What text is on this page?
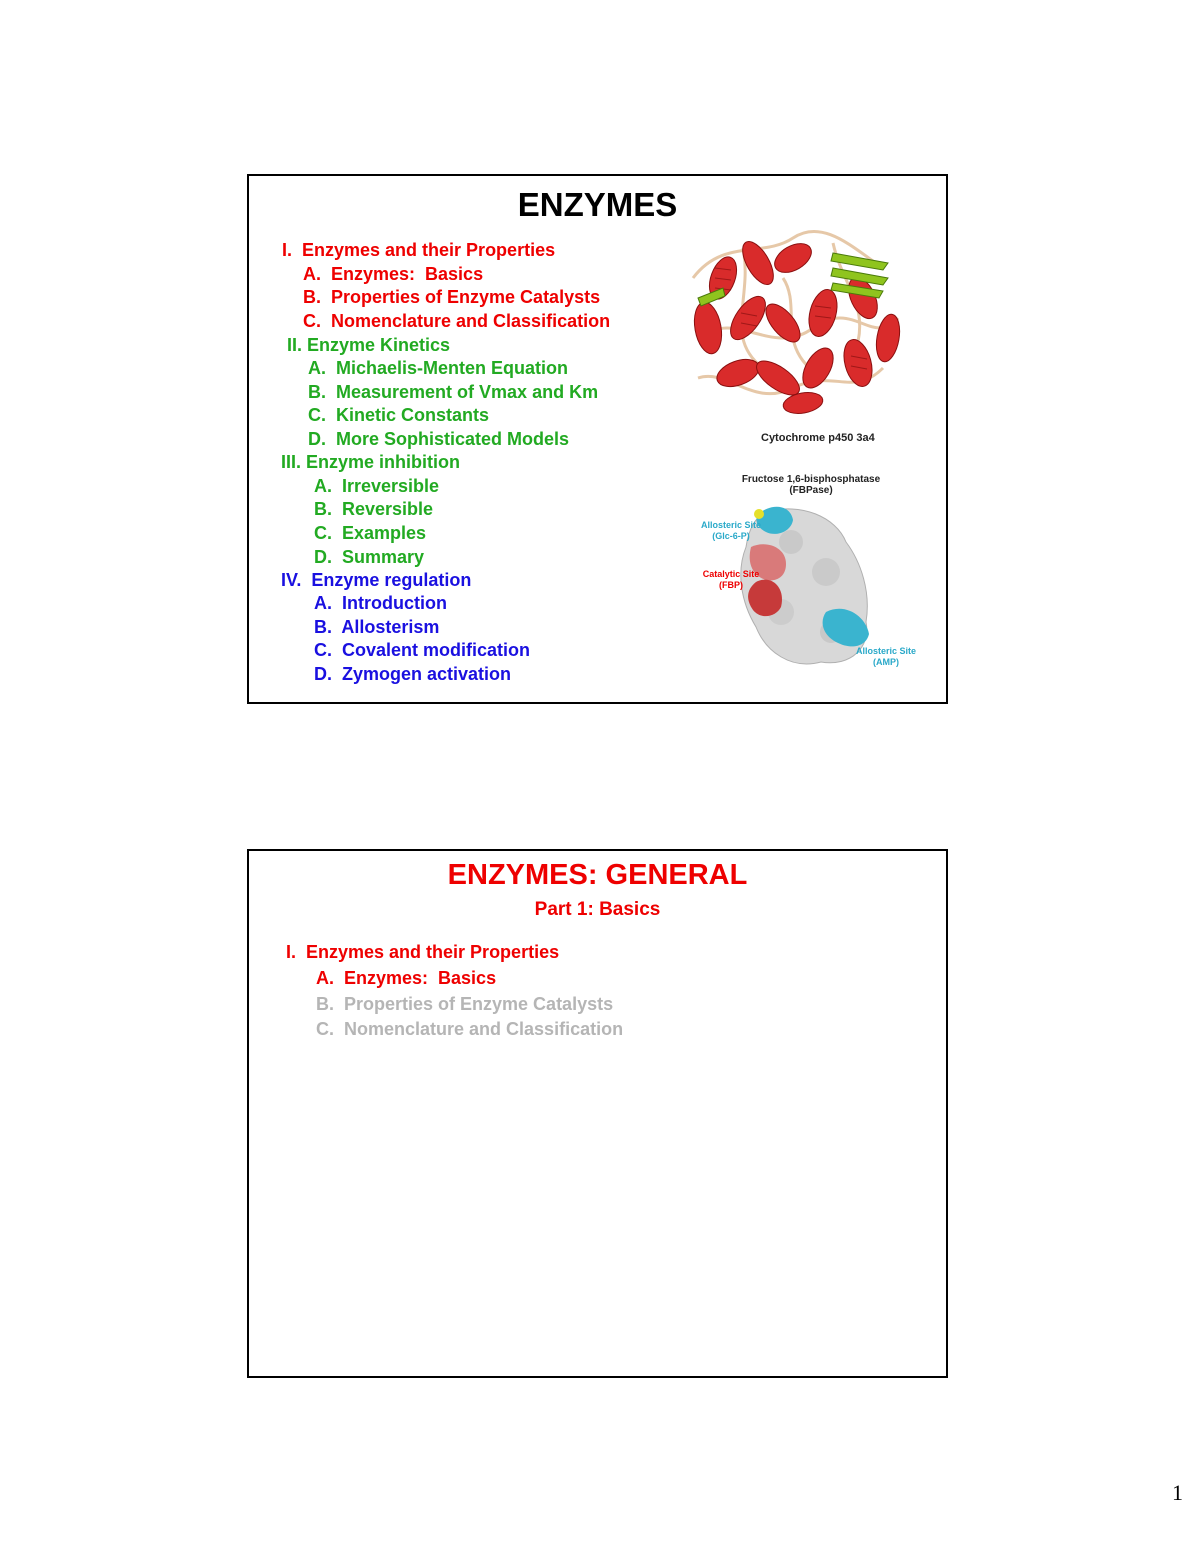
ENZYMES
I.  Enzymes and their Properties
A.  Enzymes:  Basics
B.  Properties of Enzyme Catalysts
C.  Nomenclature and Classification
II. Enzyme Kinetics
A.  Michaelis-Menten Equation
B.  Measurement of Vmax and Km
C.  Kinetic Constants
D.  More Sophisticated Models
III. Enzyme inhibition
A.  Irreversible
B.  Reversible
C.  Examples
D.  Summary
IV.  Enzyme regulation
A.  Introduction
B.  Allosterism
C.  Covalent modification
D.  Zymogen activation
Cytochrome p450 3a4
Fructose 1,6-bisphosphatase
(FBPase)
Allosteric Site
(Glc-6-P)
Catalytic Site
(FBP)
Allosteric Site
(AMP)
ENZYMES: GENERAL
Part 1: Basics
I.  Enzymes and their Properties
A.  Enzymes:  Basics
B.  Properties of Enzyme Catalysts
C.  Nomenclature and Classification
1
